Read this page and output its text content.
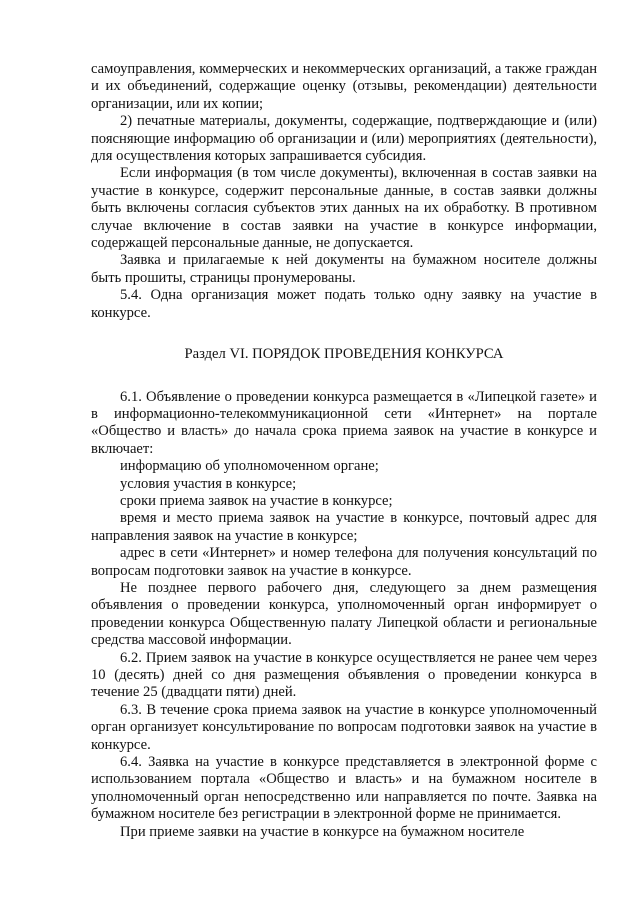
самоуправления, коммерческих и некоммерческих организаций, а также граждан и их объединений, содержащие оценку (отзывы, рекомендации) деятельности организации, или их копии;

2) печатные материалы, документы, содержащие, подтверждающие и (или) поясняющие информацию об организации и (или) мероприятиях (деятельности), для осуществления которых запрашивается субсидия.

Если информация (в том числе документы), включенная в состав заявки на участие в конкурсе, содержит персональные данные, в состав заявки должны быть включены согласия субъектов этих данных на их обработку. В противном случае включение в состав заявки на участие в конкурсе информации, содержащей персональные данные, не допускается.

Заявка и прилагаемые к ней документы на бумажном носителе должны быть прошиты, страницы пронумерованы.

5.4. Одна организация может подать только одну заявку на участие в конкурсе.

Раздел VI. ПОРЯДОК ПРОВЕДЕНИЯ КОНКУРСА

6.1. Объявление о проведении конкурса размещается в «Липецкой газете» и в информационно-телекоммуникационной сети «Интернет» на портале «Общество и власть» до начала срока приема заявок на участие в конкурсе и включает:

информацию об уполномоченном органе;

условия участия в конкурсе;

сроки приема заявок на участие в конкурсе;

время и место приема заявок на участие в конкурсе, почтовый адрес для направления заявок на участие в конкурсе;

адрес в сети «Интернет» и номер телефона для получения консультаций по вопросам подготовки заявок на участие в конкурсе.

Не позднее первого рабочего дня, следующего за днем размещения объявления о проведении конкурса, уполномоченный орган информирует о проведении конкурса Общественную палату Липецкой области и региональные средства массовой информации.

6.2. Прием заявок на участие в конкурсе осуществляется не ранее чем через 10 (десять) дней со дня размещения объявления о проведении конкурса в течение 25 (двадцати пяти) дней.

6.3. В течение срока приема заявок на участие в конкурсе уполномоченный орган организует консультирование по вопросам подготовки заявок на участие в конкурсе.

6.4. Заявка на участие в конкурсе представляется в электронной форме с использованием портала «Общество и власть» и на бумажном носителе в уполномоченный орган непосредственно или направляется по почте. Заявка на бумажном носителе без регистрации в электронной форме не принимается.

При приеме заявки на участие в конкурсе на бумажном носителе
